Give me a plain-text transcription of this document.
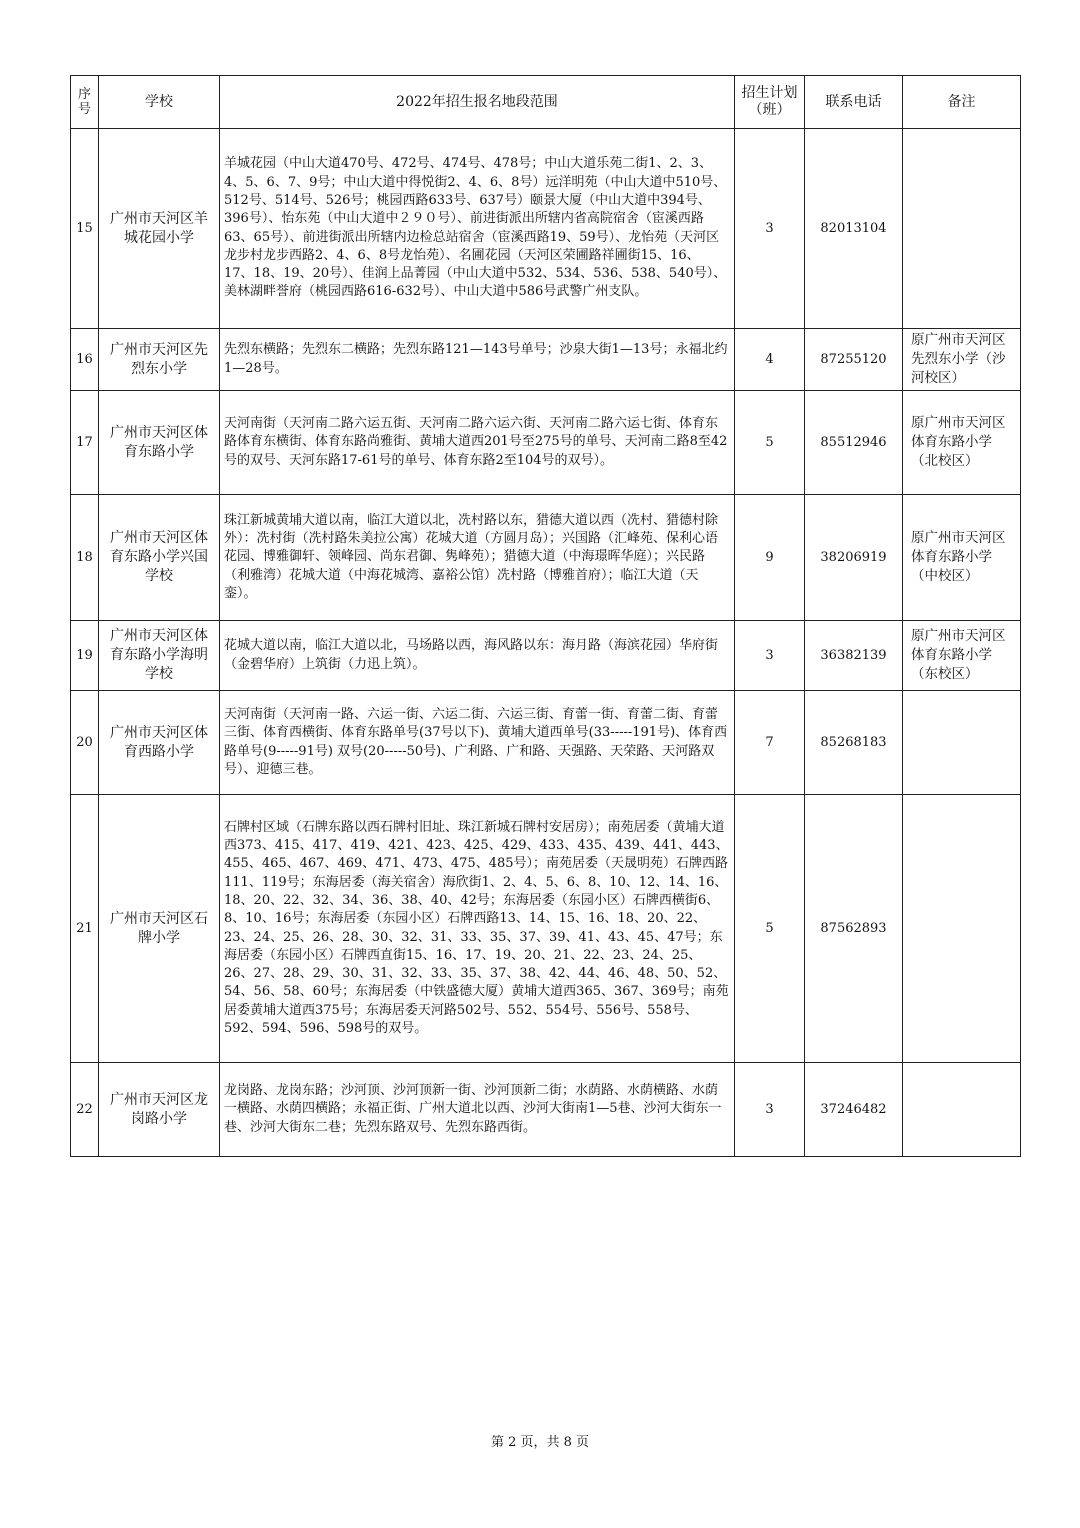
序号	学校	2022年招生报名地段范围	招生计划（班）	联系电话	备注
15	广州市天河区羊城花园小学	羊城花园（中山大道470号、472号、474号、478号；中山大道乐苑二街1、2、3、4、5、6、7、9号；中山大道中得悦街2、4、6、8号）远洋明苑（中山大道中510号、512号、514号、526号；桃园西路633号、637号）颐景大厦（中山大道中394号、396号）、怡东苑（中山大道中２９０号）、前进街派出所辖内省高院宿舍（宦溪西路63、65号）、前进街派出所辖内边检总站宿舍（宦溪西路19、59号）、龙怡苑（天河区龙步村龙步西路2、4、6、8号龙怡苑）、名圃花园（天河区荣圃路祥圃街15、16、17、18、19、20号）、佳润上品菁园（中山大道中532、534、536、538、540号）、美林湖畔誉府（桃园西路616-632号）、中山大道中586号武警广州支队。	3	82013104	
16	广州市天河区先烈东小学	先烈东横路；先烈东二横路；先烈东路121—143号单号；沙泉大街1—13号；永福北约1—28号。	4	87255120	原广州市天河区先烈东小学（沙河校区）
17	广州市天河区体育东路小学	天河南街（天河南二路六运五街、天河南二路六运六街、天河南二路六运七街、体育东路体育东横街、体育东路尚雅街、黄埔大道西201号至275号的单号、天河南二路8至42号的双号、天河东路17-61号的单号、体育东路2至104号的双号）。	5	85512946	原广州市天河区体育东路小学（北校区）
18	广州市天河区体育东路小学兴国学校	珠江新城黄埔大道以南，临江大道以北，冼村路以东，猎德大道以西（冼村、猎德村除外）：冼村街（冼村路朱美拉公寓）花城大道（方圆月岛）；兴国路（汇峰苑、保利心语花园、博雅御轩、领峰园、尚东君御、隽峰苑）；猎德大道（中海璟晖华庭）；兴民路（利雅湾）花城大道（中海花城湾、嘉裕公馆）冼村路（博雅首府）；临江大道（天銮）。	9	38206919	原广州市天河区体育东路小学（中校区）
19	广州市天河区体育东路小学海明学校	花城大道以南，临江大道以北，马场路以西，海风路以东：海月路（海滨花园）华府街（金碧华府）上筑街（力迅上筑）。	3	36382139	原广州市天河区体育东路小学（东校区）
20	广州市天河区体育西路小学	天河南街（天河南一路、六运一街、六运二街、六运三街、育蕾一街、育蕾二街、育蕾三街、体育西横街、体育东路单号(37号以下)、黄埔大道西单号(33-----191号)、体育西路单号(9-----91号) 双号(20-----50号)、广利路、广和路、天强路、天荣路、天河路双号）、迎德三巷。	7	85268183	
21	广州市天河区石牌小学	石牌村区域（石牌东路以西石牌村旧址、珠江新城石牌村安居房）；南苑居委（黄埔大道西373、415、417、419、421、423、425、429、433、435、439、441、443、455、465、467、469、471、473、475、485号）；南苑居委（天晟明苑）石牌西路111、119号；东海居委（海关宿舍）海欣街1、2、4、5、6、8、10、12、14、16、18、20、22、32、34、36、38、40、42号；东海居委（东园小区）石牌西横街6、8、10、16号；东海居委（东园小区）石牌西路13、14、15、16、18、20、22、23、24、25、26、28、30、32、31、33、35、37、39、41、43、45、47号；东海居委（东园小区）石牌西直街15、16、17、19、20、21、22、23、24、25、26、27、28、29、30、31、32、33、35、37、38、42、44、46、48、50、52、54、56、58、60号；东海居委（中铁盛德大厦）黄埔大道西365、367、369号；南苑居委黄埔大道西375号；东海居委天河路502号、552、554号、556号、558号、592、594、596、598号的双号。	5	87562893	
22	广州市天河区龙岗路小学	龙岗路、龙岗东路；沙河顶、沙河顶新一街、沙河顶新二街；水荫路、水荫横路、水荫一横路、水荫四横路；永福正街、广州大道北以西、沙河大街南1—5巷、沙河大街东一巷、沙河大街东二巷；先烈东路双号、先烈东路西街。	3	37246482	
第 2 页，共 8 页
